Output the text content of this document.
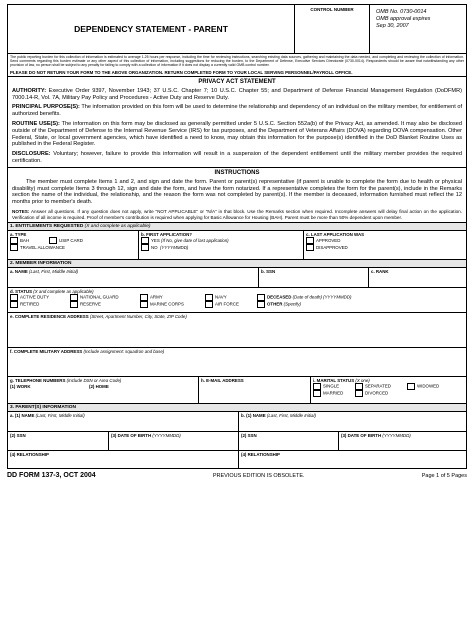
DEPENDENCY STATEMENT - PARENT
CONTROL NUMBER	OMB No. 0730-0014
OMB approval expires
Sep 30, 2007
The public reporting burden for this collection of information is estimated to average 1.25 hours per response, including the time for reviewing instructions, searching existing data sources, gathering and maintaining the data needed, and completing and reviewing the collection of information. Send comments regarding this burden estimate or any other aspect of this collection of information, including suggestions for reducing the burden, to the Department of Defense, Executive Services Directorate (0730-0014). Respondents should be aware that notwithstanding any other provision of law, no person shall be subject to any penalty for failing to comply with a collection of information if it does not display a currently valid OMB control number.
PLEASE DO NOT RETURN YOUR FORM TO THE ABOVE ORGANIZATION. RETURN COMPLETED FORM TO YOUR LOCAL SERVING PERSONNEL/PAYROLL OFFICE.
PRIVACY ACT STATEMENT
AUTHORITY: Executive Order 9397, November 1943; 37 U.S.C. Chapter 7; 10 U.S.C. Chapter 55; and Department of Defense Financial Management Regulation (DoDFMR) 7000.14-R, Vol. 7A, Military Pay Policy and Procedures - Active Duty and Reserve Duty.
PRINCIPAL PURPOSE(S): The information provided on this form will be used to determine the relationship and dependency of an individual on the military member, for entitlement of authorized benefits.
ROUTINE USE(S): The information on this form may be disclosed as generally permitted under 5 U.S.C. Section 552a(b) of the Privacy Act, as amended. It may also be disclosed outside of the Department of Defense to the Internal Revenue Service (IRS) for tax purposes, and the Department of Veterans Affairs (DOVA) regarding DOVA compensation. Other Federal, State, or local government agencies, which have identified a need to know, may obtain this information for the purpose(s) identified in the DoD Blanket Routine Uses as published in the Federal Register.
DISCLOSURE: Voluntary; however, failure to provide this information will result in a suspension of the dependent entitlement until the military member provides the required certification.
INSTRUCTIONS
The member must complete Items 1 and 2, and sign and date the form. Parent or parent(s) representative (if parent is unable to complete the form due to health or physical disability) must complete Items 3 through 12, sign and date the form, and have the form notarized. If a representative completes the form for the parent(s), include in the Remarks section the name of the individual, the relationship, and the reason the form was not completed by parent(s). If the member is deceased, information furnished must reflect the 12 months prior to member's death.
NOTES: Answer all questions. If any question does not apply, write "NOT APPLICABLE" or "N/A" in that block. Use the Remarks section when required. Incomplete answers will delay final action on the application. Verification of all income is required. Proof of member's contribution is required when applying for Basic Allowance for Housing (BAH). Parent must be more than 50% dependent upon member.
1. ENTITLEMENTS REQUESTED (X and complete as applicable)
a. TYPE
BAH	USIP CARD
TRAVEL ALLOWANCE
b. FIRST APPLICATION?
YES
(If No, give date of last application)
NO
(YYYYMMDD)
c. LAST APPLICATION WAS
APPROVED
DISAPPROVED
2. MEMBER INFORMATION
a. NAME (Last, First, Middle Initial)	b. SSN	c. RANK
d. STATUS (X and complete as applicable)
ACTIVE DUTY	NATIONAL GUARD	ARMY	NAVY	DECEASED (Date of death) (YYYYMMDD)
RETIRED	RESERVE	MARINE CORPS	AIR FORCE	OTHER (Specify)
e. COMPLETE RESIDENCE ADDRESS (Street, Apartment Number, City, State, ZIP Code)
f. COMPLETE MILITARY ADDRESS (Include assignment: squadron and base)
g. TELEPHONE NUMBERS (Include DSN or Area Code)
(1) WORK	(2) HOME
h. E-MAIL ADDRESS	i. MARITAL STATUS (X one)
SINGLE	SEPARATED	WIDOWED
MARRIED	DIVORCED
3. PARENT(S) INFORMATION
a. (1) NAME (Last, First, Middle Initial)	b. (1) NAME (Last, First, Middle Initial)
(2) SSN	(3) DATE OF BIRTH (YYYYMMDD)	(2) SSN	(3) DATE OF BIRTH (YYYYMMDD)
(4) RELATIONSHIP	(4) RELATIONSHIP
DD FORM 137-3, OCT 2004	PREVIOUS EDITION IS OBSOLETE.	Page 1 of 5 Pages
